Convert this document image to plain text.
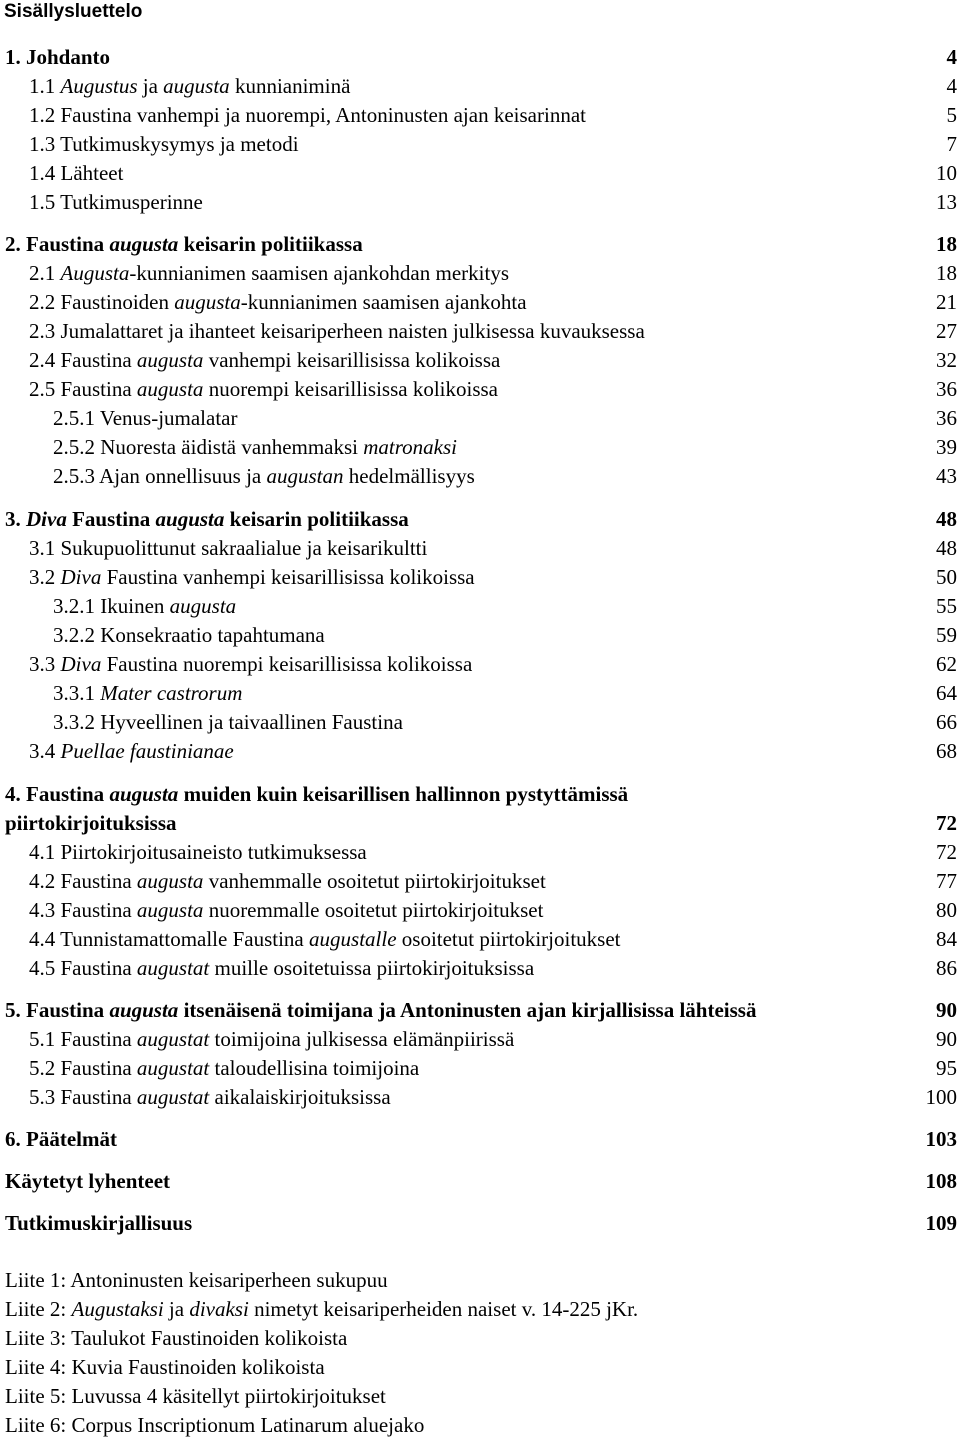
Sisällysluettelo
1. Johdanto	4
1.1 Augustus ja augusta kunnianiminä	4
1.2 Faustina vanhempi ja nuorempi, Antoninusten ajan keisarinnat	5
1.3 Tutkimuskysymys ja metodi	7
1.4 Lähteet	10
1.5 Tutkimusperinne	13
2. Faustina augusta keisarin politiikassa	18
2.1 Augusta-kunnianimen saamisen ajankohdan merkitys	18
2.2 Faustinoiden augusta-kunnianimen saamisen ajankohta	21
2.3 Jumalattaret ja ihanteet keisariperheen naisten julkisessa kuvauksessa	27
2.4 Faustina augusta vanhempi keisarillisissa kolikoissa	32
2.5 Faustina augusta nuorempi keisarillisissa kolikoissa	36
2.5.1 Venus-jumalatar	36
2.5.2 Nuoresta äidistä vanhemmaksi matronaksi	39
2.5.3 Ajan onnellisuus ja augustan hedelmällisyys	43
3. Diva Faustina augusta keisarin politiikassa	48
3.1 Sukupuolittunut sakraalialue ja keisarikultti	48
3.2 Diva Faustina vanhempi keisarillisissa kolikoissa	50
3.2.1 Ikuinen augusta	55
3.2.2 Konsekraatio tapahtumana	59
3.3 Diva Faustina nuorempi keisarillisissa kolikoissa	62
3.3.1 Mater castrorum	64
3.3.2 Hyveellinen ja taivaallinen Faustina	66
3.4 Puellae faustinianae	68
4. Faustina augusta muiden kuin keisarillisen hallinnon pystyttämissä
piirtokirjoituksissa	72
4.1 Piirtokirjoitusaineisto tutkimuksessa	72
4.2 Faustina augusta vanhemmalle osoitetut piirtokirjoitukset	77
4.3 Faustina augusta nuoremmalle osoitetut piirtokirjoitukset	80
4.4 Tunnistamattomalle Faustina augustalle osoitetut piirtokirjoitukset	84
4.5 Faustina augustat muille osoitetuissa piirtokirjoituksissa	86
5. Faustina augusta itsenäisenä toimijana ja Antoninusten ajan kirjallisissa lähteissä	90
5.1 Faustina augustat toimijoina julkisessa elämänpiirissä	90
5.2 Faustina augustat taloudellisina toimijoina	95
5.3 Faustina augustat aikalaiskirjoituksissa	100
6. Päätelmät	103
Käytetyt lyhenteet	108
Tutkimuskirjallisuus	109
Liite 1: Antoninusten keisariperheen sukupuu
Liite 2: Augustaksi ja divaksi nimetyt keisariperheiden naiset v. 14-225 jKr.
Liite 3: Taulukot Faustinoiden kolikoista
Liite 4: Kuvia Faustinoiden kolikoista
Liite 5: Luvussa 4 käsitellyt piirtokirjoitukset
Liite 6: Corpus Inscriptionum Latinarum aluejako
